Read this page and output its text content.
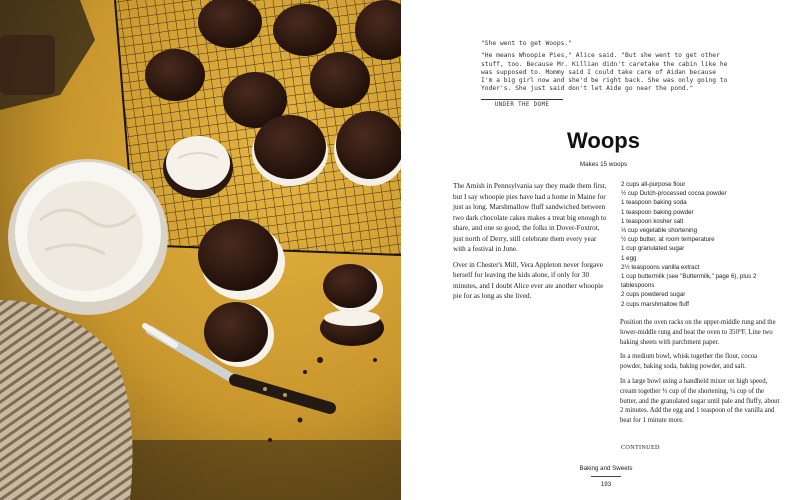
"She went to get Woops."

"He means Whoopie Pies," Alice said. "But she went to get other stuff, too. Because Mr. Killian didn't caretake the cabin like he was supposed to. Mommy said I could take care of Aidan because I'm a big girl now and she'd be right back. She was only going to Yoder's. She just said don't let Aide go near the pond."

UNDER THE DOME
Woops
Makes 15 woops

The Amish in Pennsylvania say they made them first, but I say whoopie pies have had a home in Maine for just as long. Marshmallow fluff sandwiched between two dark chocolate cakes makes a treat big enough to share, and one so good, the folks in Dover-Foxtrot, just north of Derry, still celebrate them every year with a festival in June.

Over in Chester's Mill, Vera Appleton never forgave herself for leaving the kids alone, if only for 30 minutes, and I doubt Alice ever ate another whoopie pie for as long as she lived.

2 cups all-purpose flour
½ cup Dutch-processed cocoa powder
1 teaspoon baking soda
1 teaspoon baking powder
1 teaspoon kosher salt
⅓ cup vegetable shortening
½ cup butter, at room temperature
1 cup granulated sugar
1 egg
2½ teaspoons vanilla extract
1 cup buttermilk (see "Buttermilk," page 6), plus 2 tablespoons
2 cups powdered sugar
2 cups marshmallow fluff

Position the oven racks on the upper-middle rung and the lower-middle rung and heat the oven to 350°F. Line two baking sheets with parchment paper.

In a medium bowl, whisk together the flour, cocoa powder, baking soda, baking powder, and salt.

In a large bowl using a handheld mixer on high speed, cream together ⅓ cup of the shortening, ¼ cup of the butter, and the granulated sugar until pale and fluffy, about 2 minutes. Add the egg and 1 teaspoon of the vanilla and beat for 1 minute more.

CONTINUED
Baking and Sweets
193
